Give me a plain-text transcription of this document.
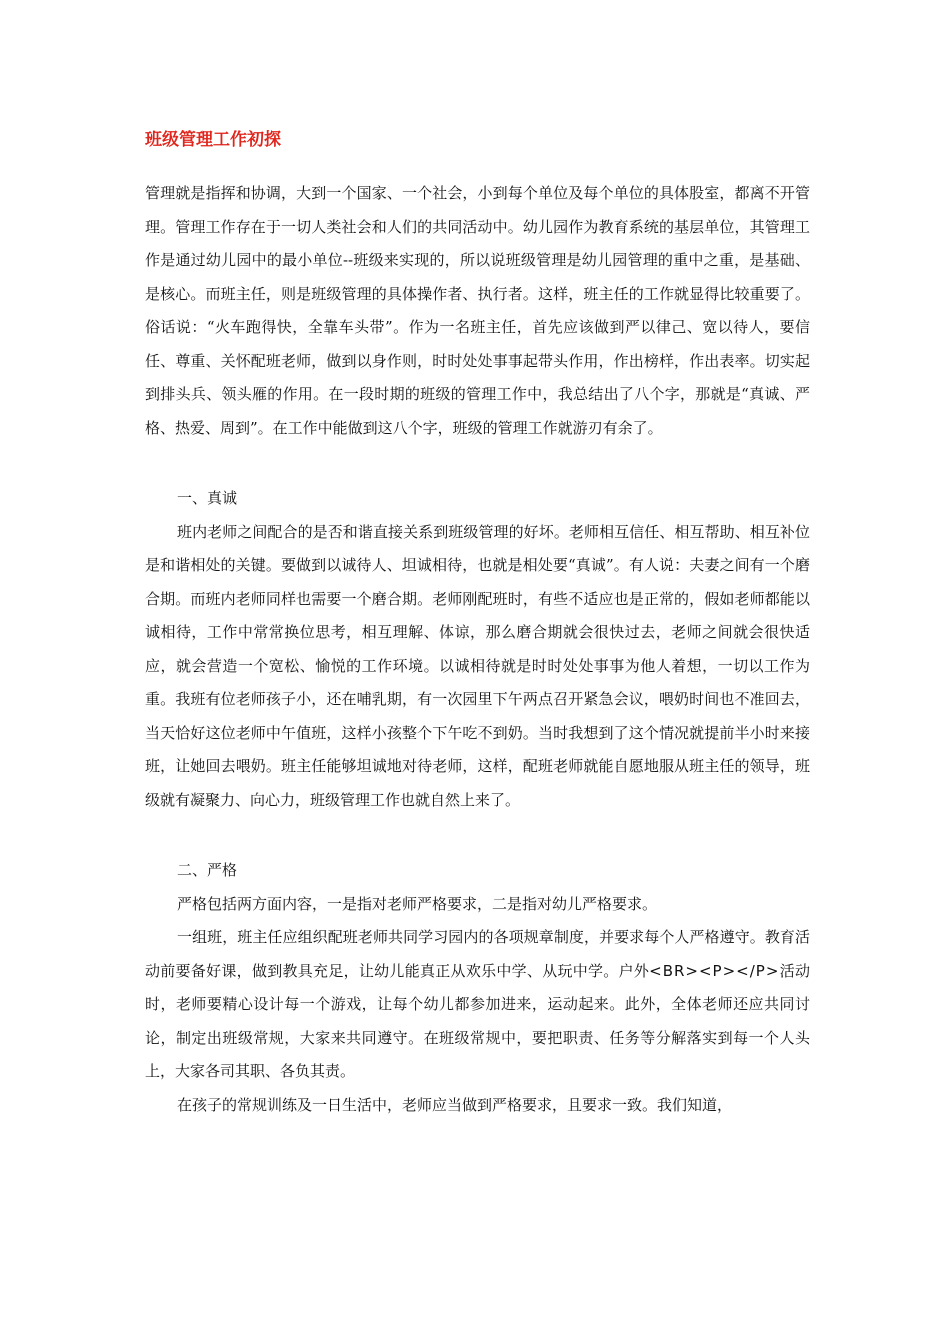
班级管理工作初探

管理就是指挥和协调，大到一个国家、一个社会，小到每个单位及每个单位的具体股室，都离不开管理。管理工作存在于一切人类社会和人们的共同活动中。幼儿园作为教育系统的基层单位，其管理工作是通过幼儿园中的最小单位--班级来实现的，所以说班级管理是幼儿园管理的重中之重，是基础、是核心。而班主任，则是班级管理的具体操作者、执行者。这样，班主任的工作就显得比较重要了。俗话说：“火车跑得快，全靠车头带”。作为一名班主任，首先应该做到严以律己、宽以待人，要信任、尊重、关怀配班老师，做到以身作则，时时处处事事起带头作用，作出榜样，作出表率。切实起到排头兵、领头雁的作用。在一段时期的班级的管理工作中，我总结出了八个字，那就是“真诚、严格、热爱、周到”。在工作中能做到这八个字，班级的管理工作就游刃有余了。

一、真诚

班内老师之间配合的是否和谐直接关系到班级管理的好坏。老师相互信任、相互帮助、相互补位是和谐相处的关键。要做到以诚待人、坦诚相待，也就是相处要“真诚”。有人说：夫妻之间有一个磨合期。而班内老师同样也需要一个磨合期。老师刚配班时，有些不适应也是正常的，假如老师都能以诚相待，工作中常常换位思考，相互理解、体谅，那么磨合期就会很快过去，老师之间就会很快适应，就会营造一个宽松、愉悦的工作环境。以诚相待就是时时处处事事为他人着想，一切以工作为重。我班有位老师孩子小，还在哺乳期，有一次园里下午两点召开紧急会议，喂奶时间也不准回去，当天恰好这位老师中午值班，这样小孩整个下午吃不到奶。当时我想到了这个情况就提前半小时来接班，让她回去喂奶。班主任能够坦诚地对待老师，这样，配班老师就能自愿地服从班主任的领导，班级就有凝聚力、向心力，班级管理工作也就自然上来了。

二、严格

严格包括两方面内容，一是指对老师严格要求，二是指对幼儿严格要求。

一组班，班主任应组织配班老师共同学习园内的各项规章制度，并要求每个人严格遵守。教育活动前要备好课，做到教具充足，让幼儿能真正从欢乐中学、从玩中学。户外<BR><P></P>活动时，老师要精心设计每一个游戏，让每个幼儿都参加进来，运动起来。此外，全体老师还应共同讨论，制定出班级常规，大家来共同遵守。在班级常规中，要把职责、任务等分解落实到每一个人头上，大家各司其职、各负其责。

在孩子的常规训练及一日生活中，老师应当做到严格要求，且要求一致。我们知道，
